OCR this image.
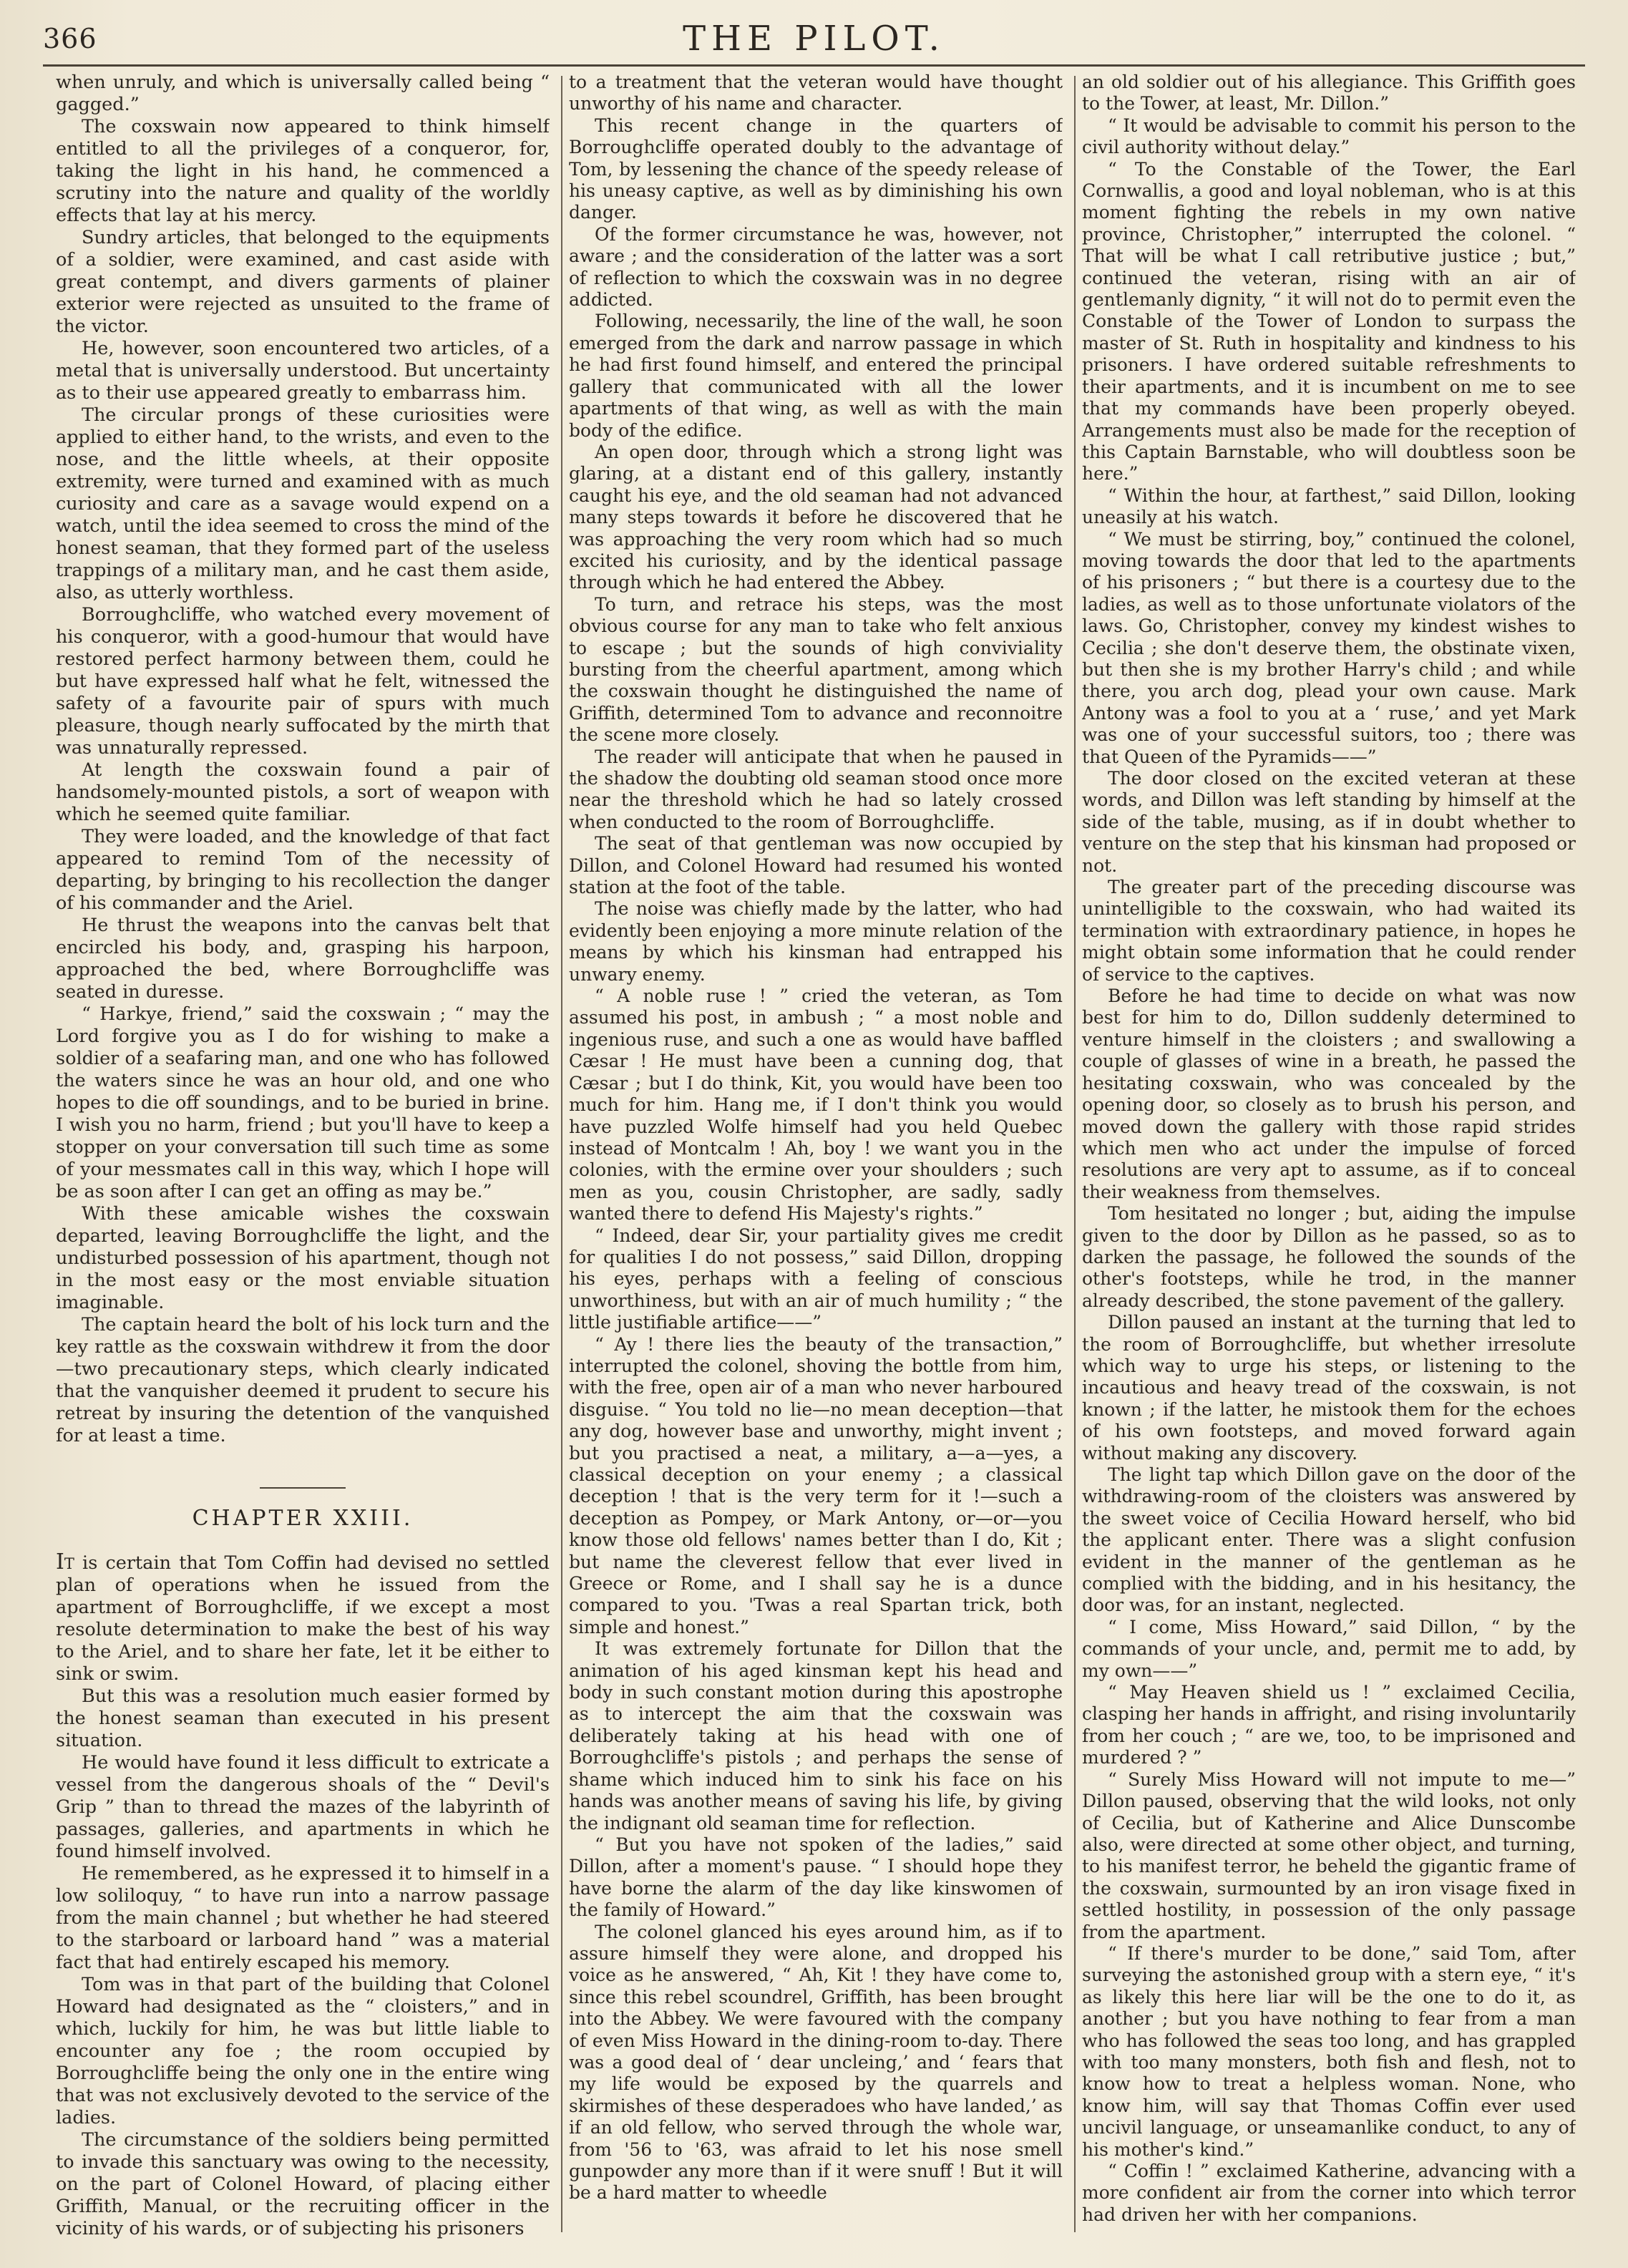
366	THE PILOT.

when unruly, and which is universally called being “ gagged.”

The coxswain now appeared to think himself entitled to all the privileges of a conqueror, for, taking the light in his hand, he commenced a scrutiny into the nature and quality of the worldly effects that lay at his mercy.

Sundry articles, that belonged to the equipments of a soldier, were examined, and cast aside with great contempt, and divers garments of plainer exterior were rejected as unsuited to the frame of the victor.

He, however, soon encountered two articles, of a metal that is universally understood. But uncertainty as to their use appeared greatly to embarrass him.

The circular prongs of these curiosities were applied to either hand, to the wrists, and even to the nose, and the little wheels, at their opposite extremity, were turned and examined with as much curiosity and care as a savage would expend on a watch, until the idea seemed to cross the mind of the honest seaman, that they formed part of the useless trappings of a military man, and he cast them aside, also, as utterly worthless.

Borroughcliffe, who watched every movement of his conqueror, with a good-humour that would have restored perfect harmony between them, could he but have expressed half what he felt, witnessed the safety of a favourite pair of spurs with much pleasure, though nearly suffocated by the mirth that was unnaturally repressed.

At length the coxswain found a pair of handsomely-mounted pistols, a sort of weapon with which he seemed quite familiar.

They were loaded, and the knowledge of that fact appeared to remind Tom of the necessity of departing, by bringing to his recollection the danger of his commander and the Ariel.

He thrust the weapons into the canvas belt that encircled his body, and, grasping his harpoon, approached the bed, where Borroughcliffe was seated in duresse.

“ Harkye, friend,” said the coxswain ; “ may the Lord forgive you as I do for wishing to make a soldier of a seafaring man, and one who has followed the waters since he was an hour old, and one who hopes to die off soundings, and to be buried in brine. I wish you no harm, friend ; but you'll have to keep a stopper on your conversation till such time as some of your messmates call in this way, which I hope will be as soon after I can get an offing as may be.”

With these amicable wishes the coxswain departed, leaving Borroughcliffe the light, and the undisturbed possession of his apartment, though not in the most easy or the most enviable situation imaginable.

The captain heard the bolt of his lock turn and the key rattle as the coxswain withdrew it from the door—two precautionary steps, which clearly indicated that the vanquisher deemed it prudent to secure his retreat by insuring the detention of the vanquished for at least a time.

CHAPTER XXIII.

It is certain that Tom Coffin had devised no settled plan of operations when he issued from the apartment of Borroughcliffe, if we except a most resolute determination to make the best of his way to the Ariel, and to share her fate, let it be either to sink or swim.

But this was a resolution much easier formed by the honest seaman than executed in his present situation.

He would have found it less difficult to extricate a vessel from the dangerous shoals of the “ Devil's Grip ” than to thread the mazes of the labyrinth of passages, galleries, and apartments in which he found himself involved.

He remembered, as he expressed it to himself in a low soliloquy, “ to have run into a narrow passage from the main channel ; but whether he had steered to the starboard or larboard hand ” was a material fact that had entirely escaped his memory.

Tom was in that part of the building that Colonel Howard had designated as the “ cloisters,” and in which, luckily for him, he was but little liable to encounter any foe ; the room occupied by Borroughcliffe being the only one in the entire wing that was not exclusively devoted to the service of the ladies.

The circumstance of the soldiers being permitted to invade this sanctuary was owing to the necessity, on the part of Colonel Howard, of placing either Griffith, Manual, or the recruiting officer in the vicinity of his wards, or of subjecting his prisoners

to a treatment that the veteran would have thought unworthy of his name and character.

This recent change in the quarters of Borroughcliffe operated doubly to the advantage of Tom, by lessening the chance of the speedy release of his uneasy captive, as well as by diminishing his own danger.

Of the former circumstance he was, however, not aware ; and the consideration of the latter was a sort of reflection to which the coxswain was in no degree addicted.

Following, necessarily, the line of the wall, he soon emerged from the dark and narrow passage in which he had first found himself, and entered the principal gallery that communicated with all the lower apartments of that wing, as well as with the main body of the edifice.

An open door, through which a strong light was glaring, at a distant end of this gallery, instantly caught his eye, and the old seaman had not advanced many steps towards it before he discovered that he was approaching the very room which had so much excited his curiosity, and by the identical passage through which he had entered the Abbey.

To turn, and retrace his steps, was the most obvious course for any man to take who felt anxious to escape ; but the sounds of high conviviality bursting from the cheerful apartment, among which the coxswain thought he distinguished the name of Griffith, determined Tom to advance and reconnoitre the scene more closely.

The reader will anticipate that when he paused in the shadow the doubting old seaman stood once more near the threshold which he had so lately crossed when conducted to the room of Borroughcliffe.

The seat of that gentleman was now occupied by Dillon, and Colonel Howard had resumed his wonted station at the foot of the table.

The noise was chiefly made by the latter, who had evidently been enjoying a more minute relation of the means by which his kinsman had entrapped his unwary enemy.

“ A noble ruse ! ” cried the veteran, as Tom assumed his post, in ambush ; “ a most noble and ingenious ruse, and such a one as would have baffled Cæsar ! He must have been a cunning dog, that Cæsar ; but I do think, Kit, you would have been too much for him. Hang me, if I don't think you would have puzzled Wolfe himself had you held Quebec instead of Montcalm ! Ah, boy ! we want you in the colonies, with the ermine over your shoulders ; such men as you, cousin Christopher, are sadly, sadly wanted there to defend His Majesty's rights.”

“ Indeed, dear Sir, your partiality gives me credit for qualities I do not possess,” said Dillon, dropping his eyes, perhaps with a feeling of conscious unworthiness, but with an air of much humility ; “ the little justifiable artifice——”

“ Ay ! there lies the beauty of the transaction,” interrupted the colonel, shoving the bottle from him, with the free, open air of a man who never harboured disguise. “ You told no lie—no mean deception—that any dog, however base and unworthy, might invent ; but you practised a neat, a military, a—a—yes, a classical deception on your enemy ; a classical deception ! that is the very term for it !—such a deception as Pompey, or Mark Antony, or—or—you know those old fellows' names better than I do, Kit ; but name the cleverest fellow that ever lived in Greece or Rome, and I shall say he is a dunce compared to you. 'Twas a real Spartan trick, both simple and honest.”

It was extremely fortunate for Dillon that the animation of his aged kinsman kept his head and body in such constant motion during this apostrophe as to intercept the aim that the coxswain was deliberately taking at his head with one of Borroughcliffe's pistols ; and perhaps the sense of shame which induced him to sink his face on his hands was another means of saving his life, by giving the indignant old seaman time for reflection.

“ But you have not spoken of the ladies,” said Dillon, after a moment's pause. “ I should hope they have borne the alarm of the day like kinswomen of the family of Howard.”

The colonel glanced his eyes around him, as if to assure himself they were alone, and dropped his voice as he answered, “ Ah, Kit ! they have come to, since this rebel scoundrel, Griffith, has been brought into the Abbey. We were favoured with the company of even Miss Howard in the dining-room to-day. There was a good deal of ‘ dear uncleing,’ and ‘ fears that my life would be exposed by the quarrels and skirmishes of these desperadoes who have landed,’ as if an old fellow, who served through the whole war, from '56 to '63, was afraid to let his nose smell gunpowder any more than if it were snuff ! But it will be a hard matter to wheedle

an old soldier out of his allegiance. This Griffith goes to the Tower, at least, Mr. Dillon.”

“ It would be advisable to commit his person to the civil authority without delay.”

“ To the Constable of the Tower, the Earl Cornwallis, a good and loyal nobleman, who is at this moment fighting the rebels in my own native province, Christopher,” interrupted the colonel. “ That will be what I call retributive justice ; but,” continued the veteran, rising with an air of gentlemanly dignity, “ it will not do to permit even the Constable of the Tower of London to surpass the master of St. Ruth in hospitality and kindness to his prisoners. I have ordered suitable refreshments to their apartments, and it is incumbent on me to see that my commands have been properly obeyed. Arrangements must also be made for the reception of this Captain Barnstable, who will doubtless soon be here.”

“ Within the hour, at farthest,” said Dillon, looking uneasily at his watch.

“ We must be stirring, boy,” continued the colonel, moving towards the door that led to the apartments of his prisoners ; “ but there is a courtesy due to the ladies, as well as to those unfortunate violators of the laws. Go, Christopher, convey my kindest wishes to Cecilia ; she don't deserve them, the obstinate vixen, but then she is my brother Harry's child ; and while there, you arch dog, plead your own cause. Mark Antony was a fool to you at a ‘ ruse,’ and yet Mark was one of your successful suitors, too ; there was that Queen of the Pyramids——”

The door closed on the excited veteran at these words, and Dillon was left standing by himself at the side of the table, musing, as if in doubt whether to venture on the step that his kinsman had proposed or not.

The greater part of the preceding discourse was unintelligible to the coxswain, who had waited its termination with extraordinary patience, in hopes he might obtain some information that he could render of service to the captives.

Before he had time to decide on what was now best for him to do, Dillon suddenly determined to venture himself in the cloisters ; and swallowing a couple of glasses of wine in a breath, he passed the hesitating coxswain, who was concealed by the opening door, so closely as to brush his person, and moved down the gallery with those rapid strides which men who act under the impulse of forced resolutions are very apt to assume, as if to conceal their weakness from themselves.

Tom hesitated no longer ; but, aiding the impulse given to the door by Dillon as he passed, so as to darken the passage, he followed the sounds of the other's footsteps, while he trod, in the manner already described, the stone pavement of the gallery.

Dillon paused an instant at the turning that led to the room of Borroughcliffe, but whether irresolute which way to urge his steps, or listening to the incautious and heavy tread of the coxswain, is not known ; if the latter, he mistook them for the echoes of his own footsteps, and moved forward again without making any discovery.

The light tap which Dillon gave on the door of the withdrawing-room of the cloisters was answered by the sweet voice of Cecilia Howard herself, who bid the applicant enter. There was a slight confusion evident in the manner of the gentleman as he complied with the bidding, and in his hesitancy, the door was, for an instant, neglected.

“ I come, Miss Howard,” said Dillon, “ by the commands of your uncle, and, permit me to add, by my own——”

“ May Heaven shield us ! ” exclaimed Cecilia, clasping her hands in affright, and rising involuntarily from her couch ; “ are we, too, to be imprisoned and murdered ? ”

“ Surely Miss Howard will not impute to me—” Dillon paused, observing that the wild looks, not only of Cecilia, but of Katherine and Alice Dunscombe also, were directed at some other object, and turning, to his manifest terror, he beheld the gigantic frame of the coxswain, surmounted by an iron visage fixed in settled hostility, in possession of the only passage from the apartment.

“ If there's murder to be done,” said Tom, after surveying the astonished group with a stern eye, “ it's as likely this here liar will be the one to do it, as another ; but you have nothing to fear from a man who has followed the seas too long, and has grappled with too many monsters, both fish and flesh, not to know how to treat a helpless woman. None, who know him, will say that Thomas Coffin ever used uncivil language, or unseamanlike conduct, to any of his mother's kind.”

“ Coffin ! ” exclaimed Katherine, advancing with a more confident air from the corner into which terror had driven her with her companions.
